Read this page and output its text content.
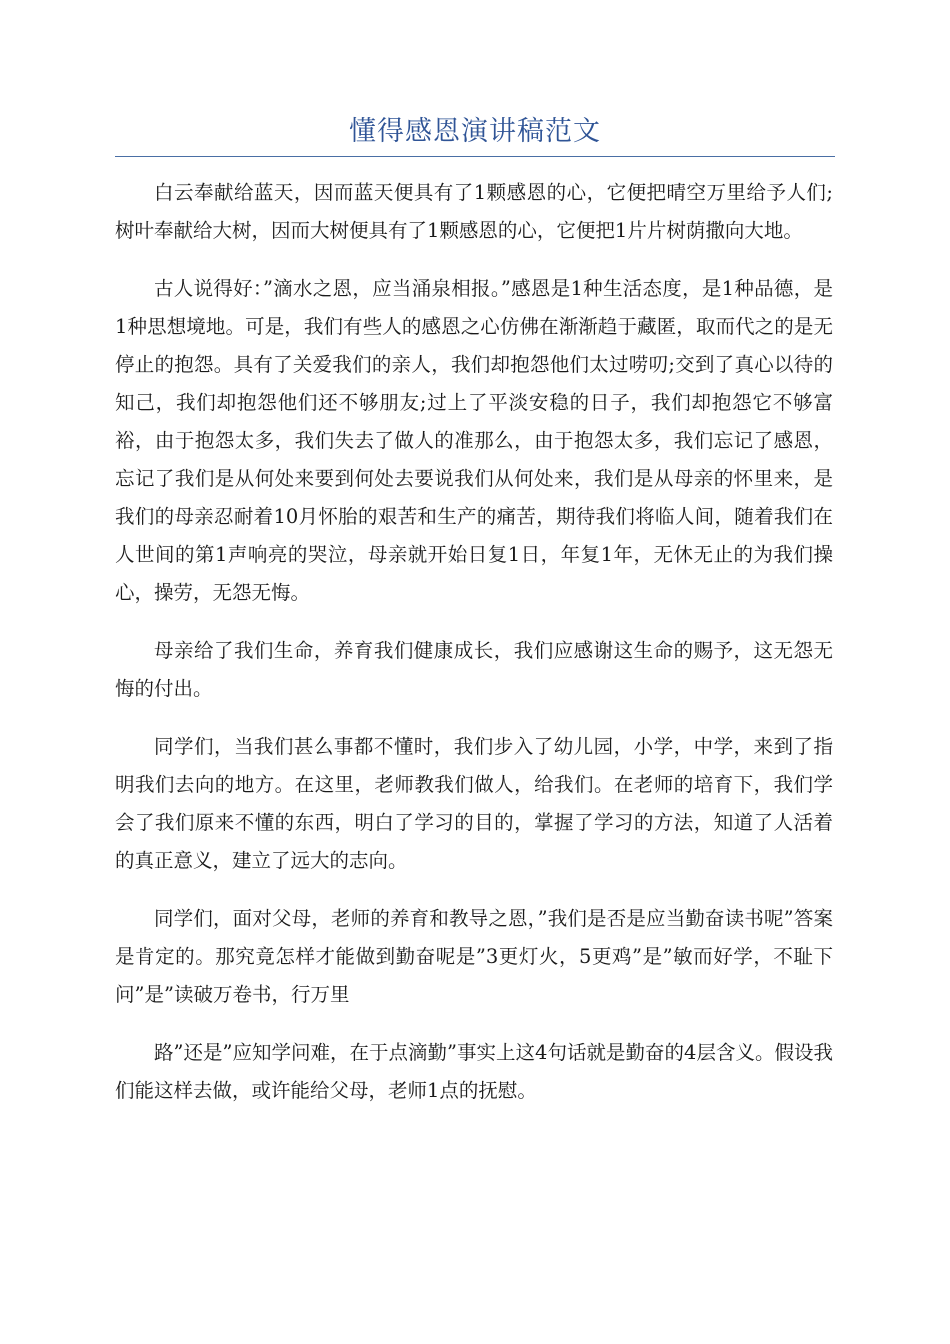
懂得感恩演讲稿范文

白云奉献给蓝天，因而蓝天便具有了1颗感恩的心，它便把晴空万里给予人们;树叶奉献给大树，因而大树便具有了1颗感恩的心，它便把1片片树荫撒向大地。

古人说得好：”滴水之恩，应当涌泉相报。”感恩是1种生活态度，是1种品德，是1种思想境地。可是，我们有些人的感恩之心仿佛在渐渐趋于藏匿，取而代之的是无停止的抱怨。具有了关爱我们的亲人，我们却抱怨他们太过唠叨;交到了真心以待的知己，我们却抱怨他们还不够朋友;过上了平淡安稳的日子，我们却抱怨它不够富裕，由于抱怨太多，我们失去了做人的准那么，由于抱怨太多，我们忘记了感恩，忘记了我们是从何处来要到何处去要说我们从何处来，我们是从母亲的怀里来，是我们的母亲忍耐着10月怀胎的艰苦和生产的痛苦，期待我们将临人间，随着我们在人世间的第1声响亮的哭泣，母亲就开始日复1日，年复1年，无休无止的为我们操心，操劳，无怨无悔。

母亲给了我们生命，养育我们健康成长，我们应感谢这生命的赐予，这无怨无悔的付出。

同学们，当我们甚么事都不懂时，我们步入了幼儿园，小学，中学，来到了指明我们去向的地方。在这里，老师教我们做人，给我们。在老师的培育下，我们学会了我们原来不懂的东西，明白了学习的目的，掌握了学习的方法，知道了人活着的真正意义，建立了远大的志向。

同学们，面对父母，老师的养育和教导之恩，”我们是否是应当勤奋读书呢”答案是肯定的。那究竟怎样才能做到勤奋呢是”3更灯火，5更鸡”是”敏而好学，不耻下问”是”读破万卷书，行万里

路”还是”应知学问难，在于点滴勤”事实上这4句话就是勤奋的4层含义。假设我们能这样去做，或许能给父母，老师1点的抚慰。
